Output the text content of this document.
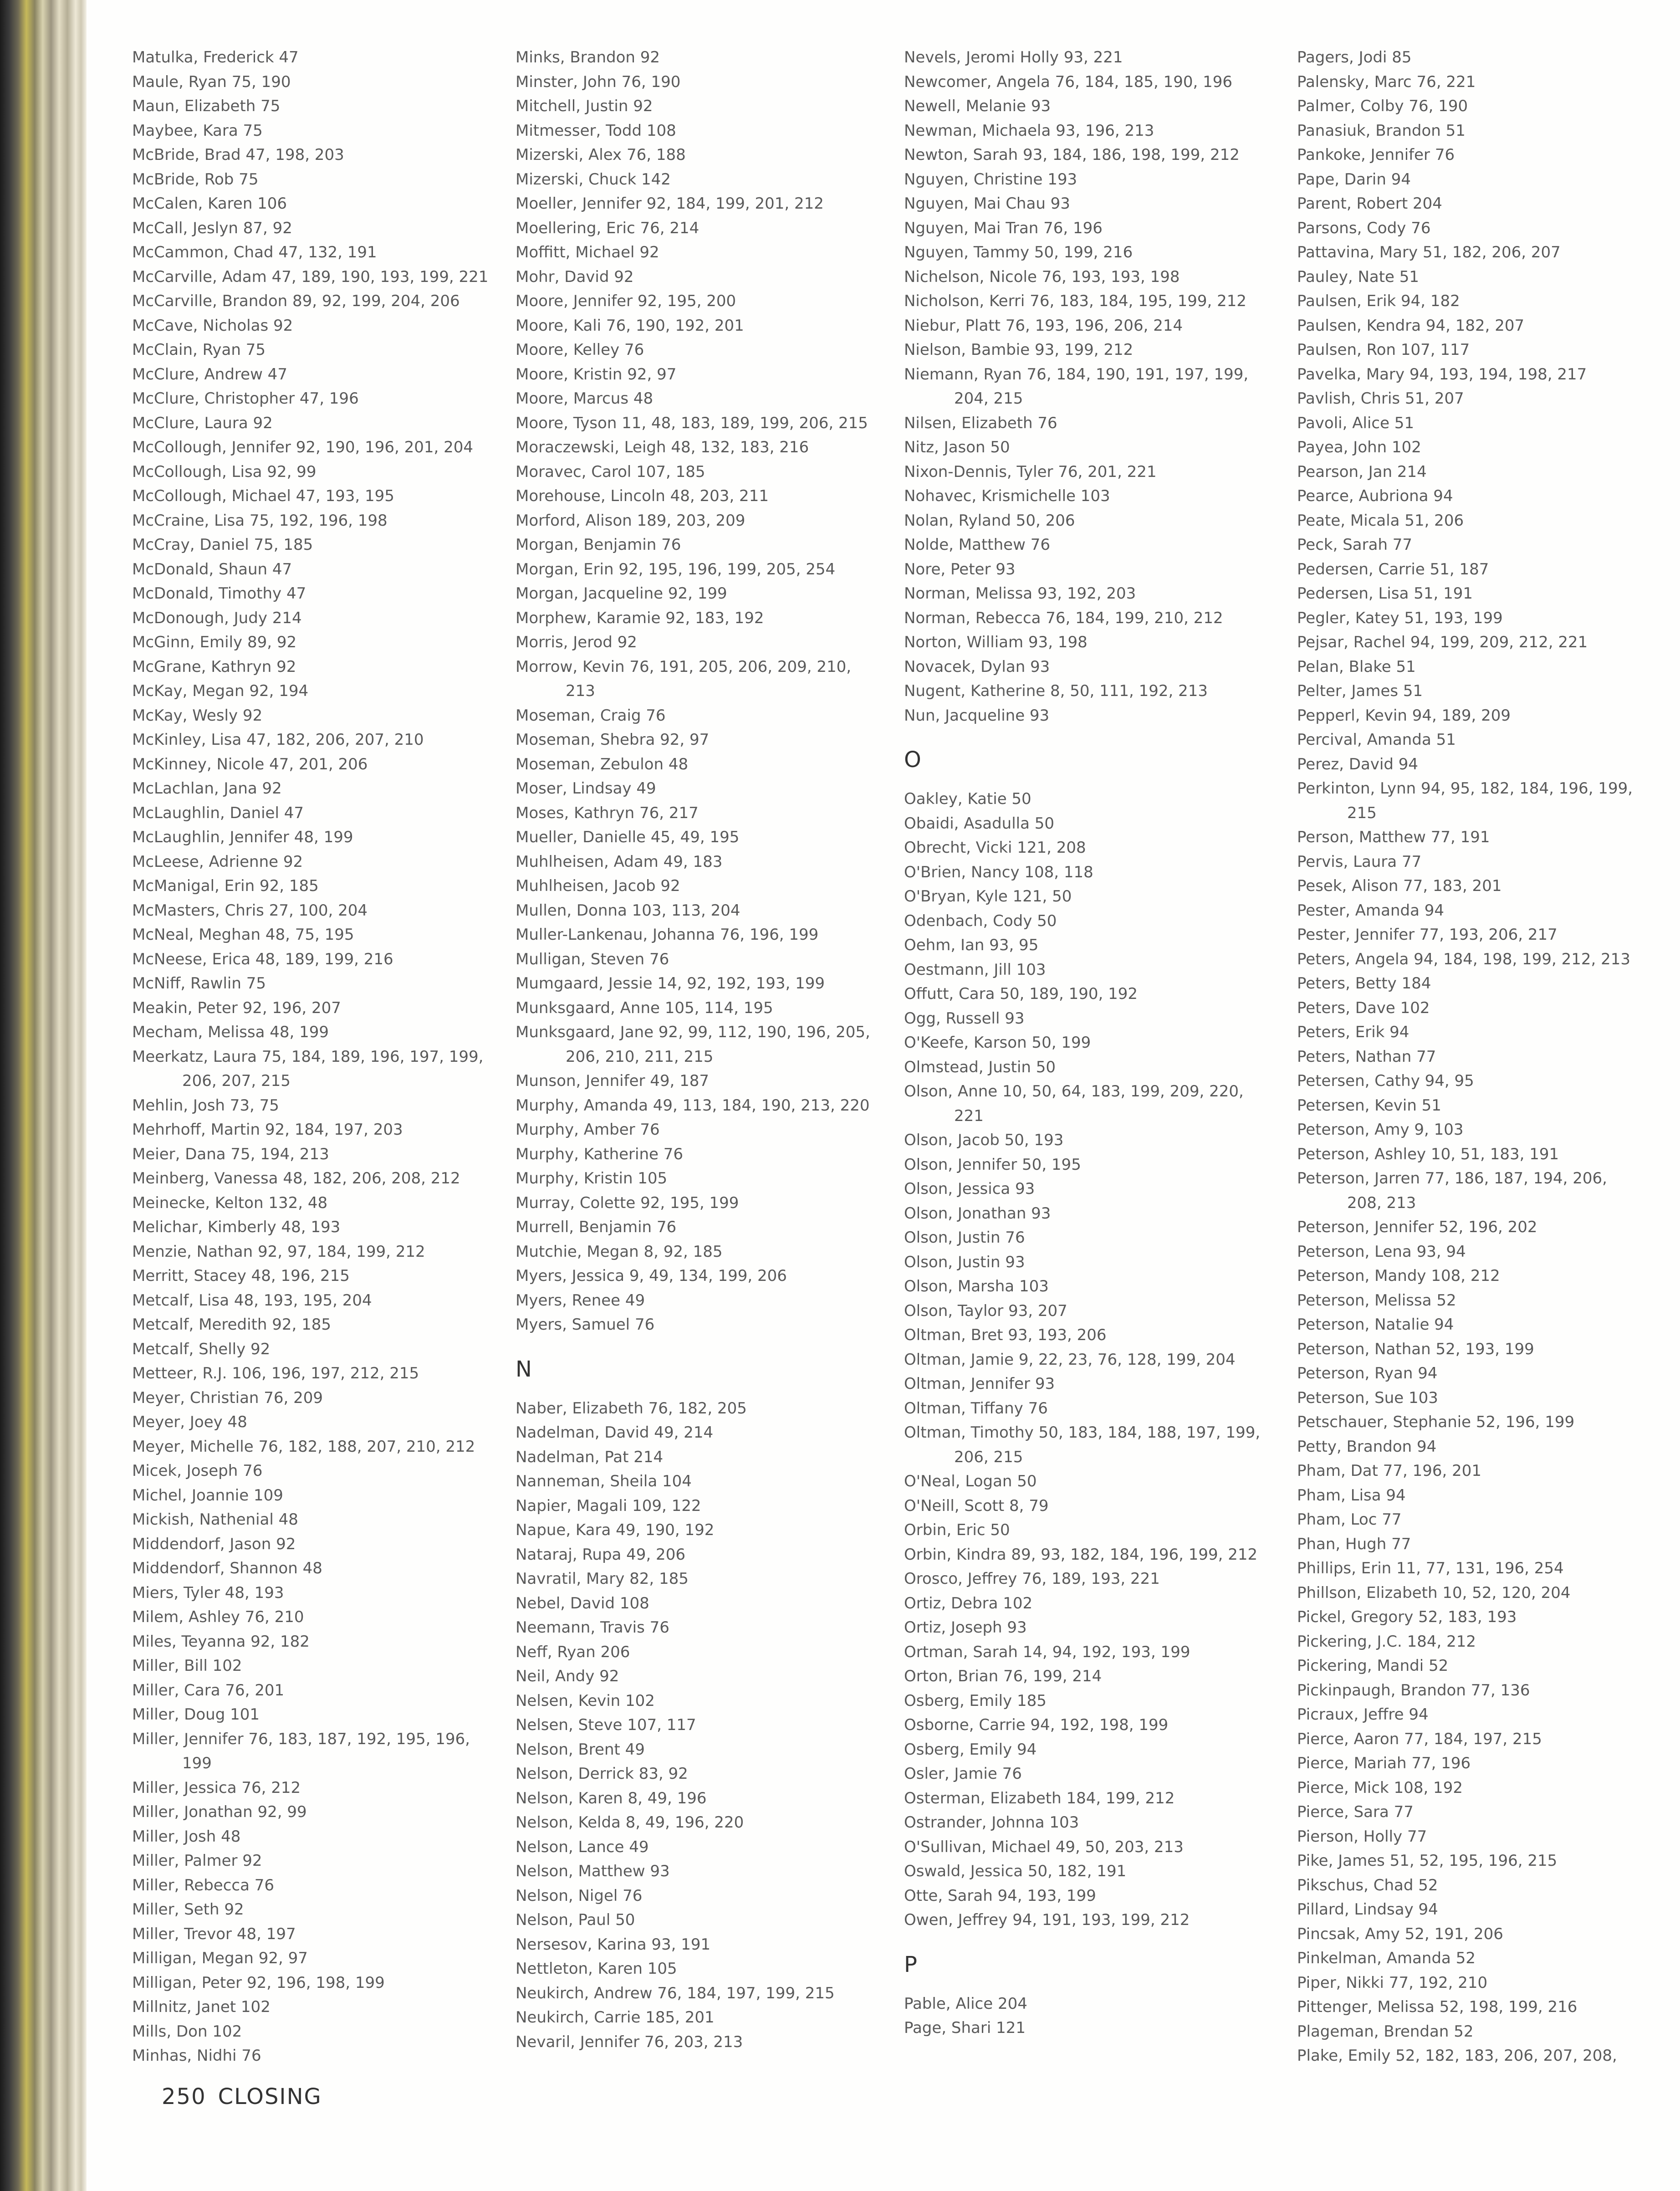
Matulka, Frederick 47
Maule, Ryan 75, 190
Maun, Elizabeth 75
Maybee, Kara 75
McBride, Brad 47, 198, 203
McBride, Rob 75
McCalen, Karen 106
McCall, Jeslyn 87, 92
McCammon, Chad 47, 132, 191
McCarville, Adam 47, 189, 190, 193, 199, 221
McCarville, Brandon 89, 92, 199, 204, 206
McCave, Nicholas 92
McClain, Ryan 75
McClure, Andrew 47
McClure, Christopher 47, 196
McClure, Laura 92
McCollough, Jennifer 92, 190, 196, 201, 204
McCollough, Lisa 92, 99
McCollough, Michael 47, 193, 195
McCraine, Lisa 75, 192, 196, 198
McCray, Daniel 75, 185
McDonald, Shaun 47
McDonald, Timothy 47
McDonough, Judy 214
McGinn, Emily 89, 92
McGrane, Kathryn 92
McKay, Megan 92, 194
McKay, Wesly 92
McKinley, Lisa 47, 182, 206, 207, 210
McKinney, Nicole 47, 201, 206
McLachlan, Jana 92
McLaughlin, Daniel 47
McLaughlin, Jennifer 48, 199
McLeese, Adrienne 92
McManigal, Erin 92, 185
McMasters, Chris 27, 100, 204
McNeal, Meghan 48, 75, 195
McNeese, Erica 48, 189, 199, 216
McNiff, Rawlin 75
Meakin, Peter 92, 196, 207
Mecham, Melissa 48, 199
Meerkatz, Laura 75, 184, 189, 196, 197, 199,
206, 207, 215
Mehlin, Josh 73, 75
Mehrhoff, Martin 92, 184, 197, 203
Meier, Dana 75, 194, 213
Meinberg, Vanessa 48, 182, 206, 208, 212
Meinecke, Kelton 132, 48
Melichar, Kimberly 48, 193
Menzie, Nathan 92, 97, 184, 199, 212
Merritt, Stacey 48, 196, 215
Metcalf, Lisa 48, 193, 195, 204
Metcalf, Meredith 92, 185
Metcalf, Shelly 92
Metteer, R.J. 106, 196, 197, 212, 215
Meyer, Christian 76, 209
Meyer, Joey 48
Meyer, Michelle 76, 182, 188, 207, 210, 212
Micek, Joseph 76
Michel, Joannie 109
Mickish, Nathenial 48
Middendorf, Jason 92
Middendorf, Shannon 48
Miers, Tyler 48, 193
Milem, Ashley 76, 210
Miles, Teyanna 92, 182
Miller, Bill 102
Miller, Cara 76, 201
Miller, Doug 101
Miller, Jennifer 76, 183, 187, 192, 195, 196,
199
Miller, Jessica 76, 212
Miller, Jonathan 92, 99
Miller, Josh 48
Miller, Palmer 92
Miller, Rebecca 76
Miller, Seth 92
Miller, Trevor 48, 197
Milligan, Megan 92, 97
Milligan, Peter 92, 196, 198, 199
Millnitz, Janet 102
Mills, Don 102
Minhas, Nidhi 76
Minks, Brandon 92
Minster, John 76, 190
Mitchell, Justin 92
Mitmesser, Todd 108
Mizerski, Alex 76, 188
Mizerski, Chuck 142
Moeller, Jennifer 92, 184, 199, 201, 212
Moellering, Eric 76, 214
Moffitt, Michael 92
Mohr, David 92
Moore, Jennifer 92, 195, 200
Moore, Kali 76, 190, 192, 201
Moore, Kelley 76
Moore, Kristin 92, 97
Moore, Marcus 48
Moore, Tyson 11, 48, 183, 189, 199, 206, 215
Moraczewski, Leigh 48, 132, 183, 216
Moravec, Carol 107, 185
Morehouse, Lincoln 48, 203, 211
Morford, Alison 189, 203, 209
Morgan, Benjamin 76
Morgan, Erin 92, 195, 196, 199, 205, 254
Morgan, Jacqueline 92, 199
Morphew, Karamie 92, 183, 192
Morris, Jerod 92
Morrow, Kevin 76, 191, 205, 206, 209, 210,
213
Moseman, Craig 76
Moseman, Shebra 92, 97
Moseman, Zebulon 48
Moser, Lindsay 49
Moses, Kathryn 76, 217
Mueller, Danielle 45, 49, 195
Muhlheisen, Adam 49, 183
Muhlheisen, Jacob 92
Mullen, Donna 103, 113, 204
Muller-Lankenau, Johanna 76, 196, 199
Mulligan, Steven 76
Mumgaard, Jessie 14, 92, 192, 193, 199
Munksgaard, Anne 105, 114, 195
Munksgaard, Jane 92, 99, 112, 190, 196, 205,
206, 210, 211, 215
Munson, Jennifer 49, 187
Murphy, Amanda 49, 113, 184, 190, 213, 220
Murphy, Amber 76
Murphy, Katherine 76
Murphy, Kristin 105
Murray, Colette 92, 195, 199
Murrell, Benjamin 76
Mutchie, Megan 8, 92, 185
Myers, Jessica 9, 49, 134, 199, 206
Myers, Renee 49
Myers, Samuel 76
N
Naber, Elizabeth 76, 182, 205
Nadelman, David 49, 214
Nadelman, Pat 214
Nanneman, Sheila 104
Napier, Magali 109, 122
Napue, Kara 49, 190, 192
Nataraj, Rupa 49, 206
Navratil, Mary 82, 185
Nebel, David 108
Neemann, Travis 76
Neff, Ryan 206
Neil, Andy 92
Nelsen, Kevin 102
Nelsen, Steve 107, 117
Nelson, Brent 49
Nelson, Derrick 83, 92
Nelson, Karen 8, 49, 196
Nelson, Kelda 8, 49, 196, 220
Nelson, Lance 49
Nelson, Matthew 93
Nelson, Nigel 76
Nelson, Paul 50
Nersesov, Karina 93, 191
Nettleton, Karen 105
Neukirch, Andrew 76, 184, 197, 199, 215
Neukirch, Carrie 185, 201
Nevaril, Jennifer 76, 203, 213
Nevels, Jeromi Holly 93, 221
Newcomer, Angela 76, 184, 185, 190, 196
Newell, Melanie 93
Newman, Michaela 93, 196, 213
Newton, Sarah 93, 184, 186, 198, 199, 212
Nguyen, Christine 193
Nguyen, Mai Chau 93
Nguyen, Mai Tran 76, 196
Nguyen, Tammy 50, 199, 216
Nichelson, Nicole 76, 193, 193, 198
Nicholson, Kerri 76, 183, 184, 195, 199, 212
Niebur, Platt 76, 193, 196, 206, 214
Nielson, Bambie 93, 199, 212
Niemann, Ryan 76, 184, 190, 191, 197, 199,
204, 215
Nilsen, Elizabeth 76
Nitz, Jason 50
Nixon-Dennis, Tyler 76, 201, 221
Nohavec, Krismichelle 103
Nolan, Ryland 50, 206
Nolde, Matthew 76
Nore, Peter 93
Norman, Melissa 93, 192, 203
Norman, Rebecca 76, 184, 199, 210, 212
Norton, William 93, 198
Novacek, Dylan 93
Nugent, Katherine 8, 50, 111, 192, 213
Nun, Jacqueline 93
O
Oakley, Katie 50
Obaidi, Asadulla 50
Obrecht, Vicki 121, 208
O'Brien, Nancy 108, 118
O'Bryan, Kyle 121, 50
Odenbach, Cody 50
Oehm, Ian 93, 95
Oestmann, Jill 103
Offutt, Cara 50, 189, 190, 192
Ogg, Russell 93
O'Keefe, Karson 50, 199
Olmstead, Justin 50
Olson, Anne 10, 50, 64, 183, 199, 209, 220,
221
Olson, Jacob 50, 193
Olson, Jennifer 50, 195
Olson, Jessica 93
Olson, Jonathan 93
Olson, Justin 76
Olson, Justin 93
Olson, Marsha 103
Olson, Taylor 93, 207
Oltman, Bret 93, 193, 206
Oltman, Jamie 9, 22, 23, 76, 128, 199, 204
Oltman, Jennifer 93
Oltman, Tiffany 76
Oltman, Timothy 50, 183, 184, 188, 197, 199,
206, 215
O'Neal, Logan 50
O'Neill, Scott 8, 79
Orbin, Eric 50
Orbin, Kindra 89, 93, 182, 184, 196, 199, 212
Orosco, Jeffrey 76, 189, 193, 221
Ortiz, Debra 102
Ortiz, Joseph 93
Ortman, Sarah 14, 94, 192, 193, 199
Orton, Brian 76, 199, 214
Osberg, Emily 185
Osborne, Carrie 94, 192, 198, 199
Osberg, Emily 94
Osler, Jamie 76
Osterman, Elizabeth 184, 199, 212
Ostrander, Johnna 103
O'Sullivan, Michael 49, 50, 203, 213
Oswald, Jessica 50, 182, 191
Otte, Sarah 94, 193, 199
Owen, Jeffrey 94, 191, 193, 199, 212
P
Pable, Alice 204
Page, Shari 121
Pagers, Jodi 85
Palensky, Marc 76, 221
Palmer, Colby 76, 190
Panasiuk, Brandon 51
Pankoke, Jennifer 76
Pape, Darin 94
Parent, Robert 204
Parsons, Cody 76
Pattavina, Mary 51, 182, 206, 207
Pauley, Nate 51
Paulsen, Erik 94, 182
Paulsen, Kendra 94, 182, 207
Paulsen, Ron 107, 117
Pavelka, Mary 94, 193, 194, 198, 217
Pavlish, Chris 51, 207
Pavoli, Alice 51
Payea, John 102
Pearson, Jan 214
Pearce, Aubriona 94
Peate, Micala 51, 206
Peck, Sarah 77
Pedersen, Carrie 51, 187
Pedersen, Lisa 51, 191
Pegler, Katey 51, 193, 199
Pejsar, Rachel 94, 199, 209, 212, 221
Pelan, Blake 51
Pelter, James 51
Pepperl, Kevin 94, 189, 209
Percival, Amanda 51
Perez, David 94
Perkinton, Lynn 94, 95, 182, 184, 196, 199,
215
Person, Matthew 77, 191
Pervis, Laura 77
Pesek, Alison 77, 183, 201
Pester, Amanda 94
Pester, Jennifer 77, 193, 206, 217
Peters, Angela 94, 184, 198, 199, 212, 213
Peters, Betty 184
Peters, Dave 102
Peters, Erik 94
Peters, Nathan 77
Petersen, Cathy 94, 95
Petersen, Kevin 51
Peterson, Amy 9, 103
Peterson, Ashley 10, 51, 183, 191
Peterson, Jarren 77, 186, 187, 194, 206,
208, 213
Peterson, Jennifer 52, 196, 202
Peterson, Lena 93, 94
Peterson, Mandy 108, 212
Peterson, Melissa 52
Peterson, Natalie 94
Peterson, Nathan 52, 193, 199
Peterson, Ryan 94
Peterson, Sue 103
Petschauer, Stephanie 52, 196, 199
Petty, Brandon 94
Pham, Dat 77, 196, 201
Pham, Lisa 94
Pham, Loc 77
Phan, Hugh 77
Phillips, Erin 11, 77, 131, 196, 254
Phillson, Elizabeth 10, 52, 120, 204
Pickel, Gregory 52, 183, 193
Pickering, J.C. 184, 212
Pickering, Mandi 52
Pickinpaugh, Brandon 77, 136
Picraux, Jeffre 94
Pierce, Aaron 77, 184, 197, 215
Pierce, Mariah 77, 196
Pierce, Mick 108, 192
Pierce, Sara 77
Pierson, Holly 77
Pike, James 51, 52, 195, 196, 215
Pikschus, Chad 52
Pillard, Lindsay 94
Pincsak, Amy 52, 191, 206
Pinkelman, Amanda 52
Piper, Nikki 77, 192, 210
Pittenger, Melissa 52, 198, 199, 216
Plageman, Brendan 52
Plake, Emily 52, 182, 183, 206, 207, 208,
250 CLOSING
